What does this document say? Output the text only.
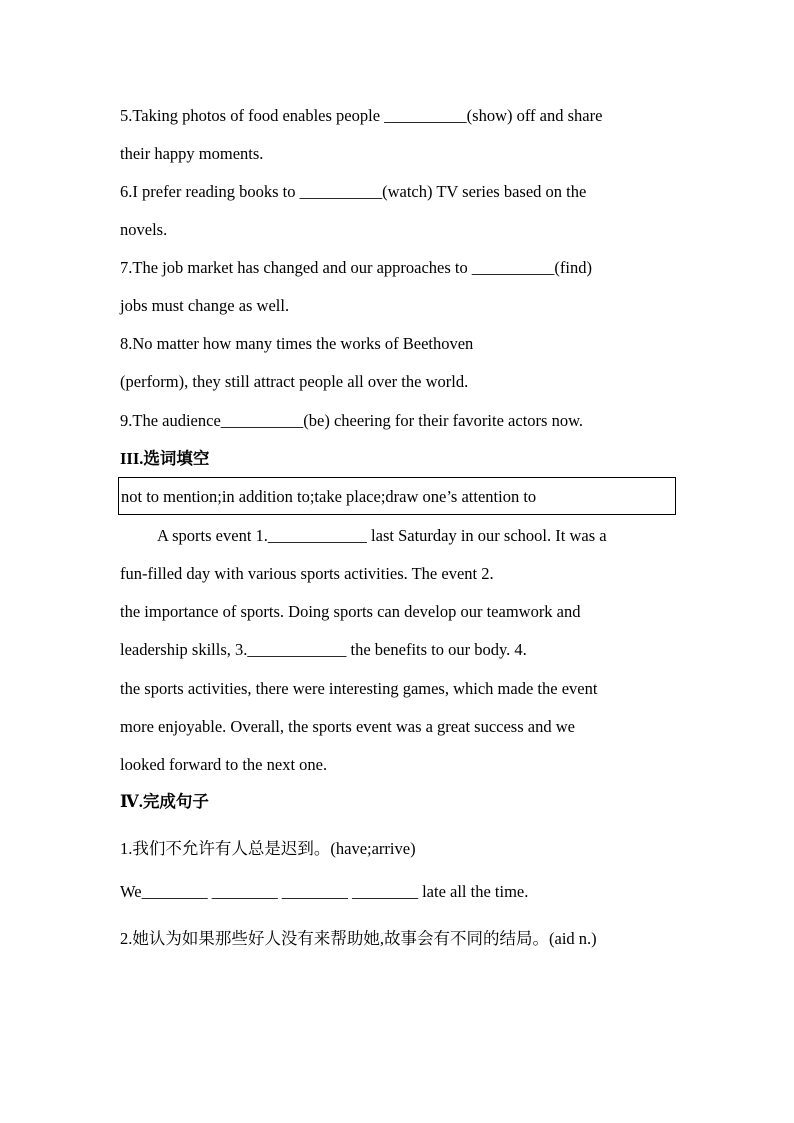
5.Taking photos of food enables people __________(show) off and share
their happy moments.
6.I prefer reading books to __________(watch) TV series based on the
novels.
7.The job market has changed and our approaches to __________(find)
jobs must change as well.
8.No matter how many times the works of Beethoven
(perform), they still attract people all over the world.
9.The audience__________(be) cheering for their favorite actors now.
III.选词填空
not to mention;in addition to;take place;draw one’s attention to
A sports event 1.____________ last Saturday in our school. It was a
fun-filled day with various sports activities. The event 2.
the importance of sports. Doing sports can develop our teamwork and
leadership skills, 3.____________ the benefits to our body. 4.
the sports activities, there were interesting games, which made the event
more enjoyable. Overall, the sports event was a great success and we
looked forward to the next one.
Ⅳ.完成句子
1.我们不允许有人总是迟到。(have;arrive)
We________ ________ ________ ________ late all the time.
2.她认为如果那些好人没有来帮助她,故事会有不同的结局。(aid n.)
